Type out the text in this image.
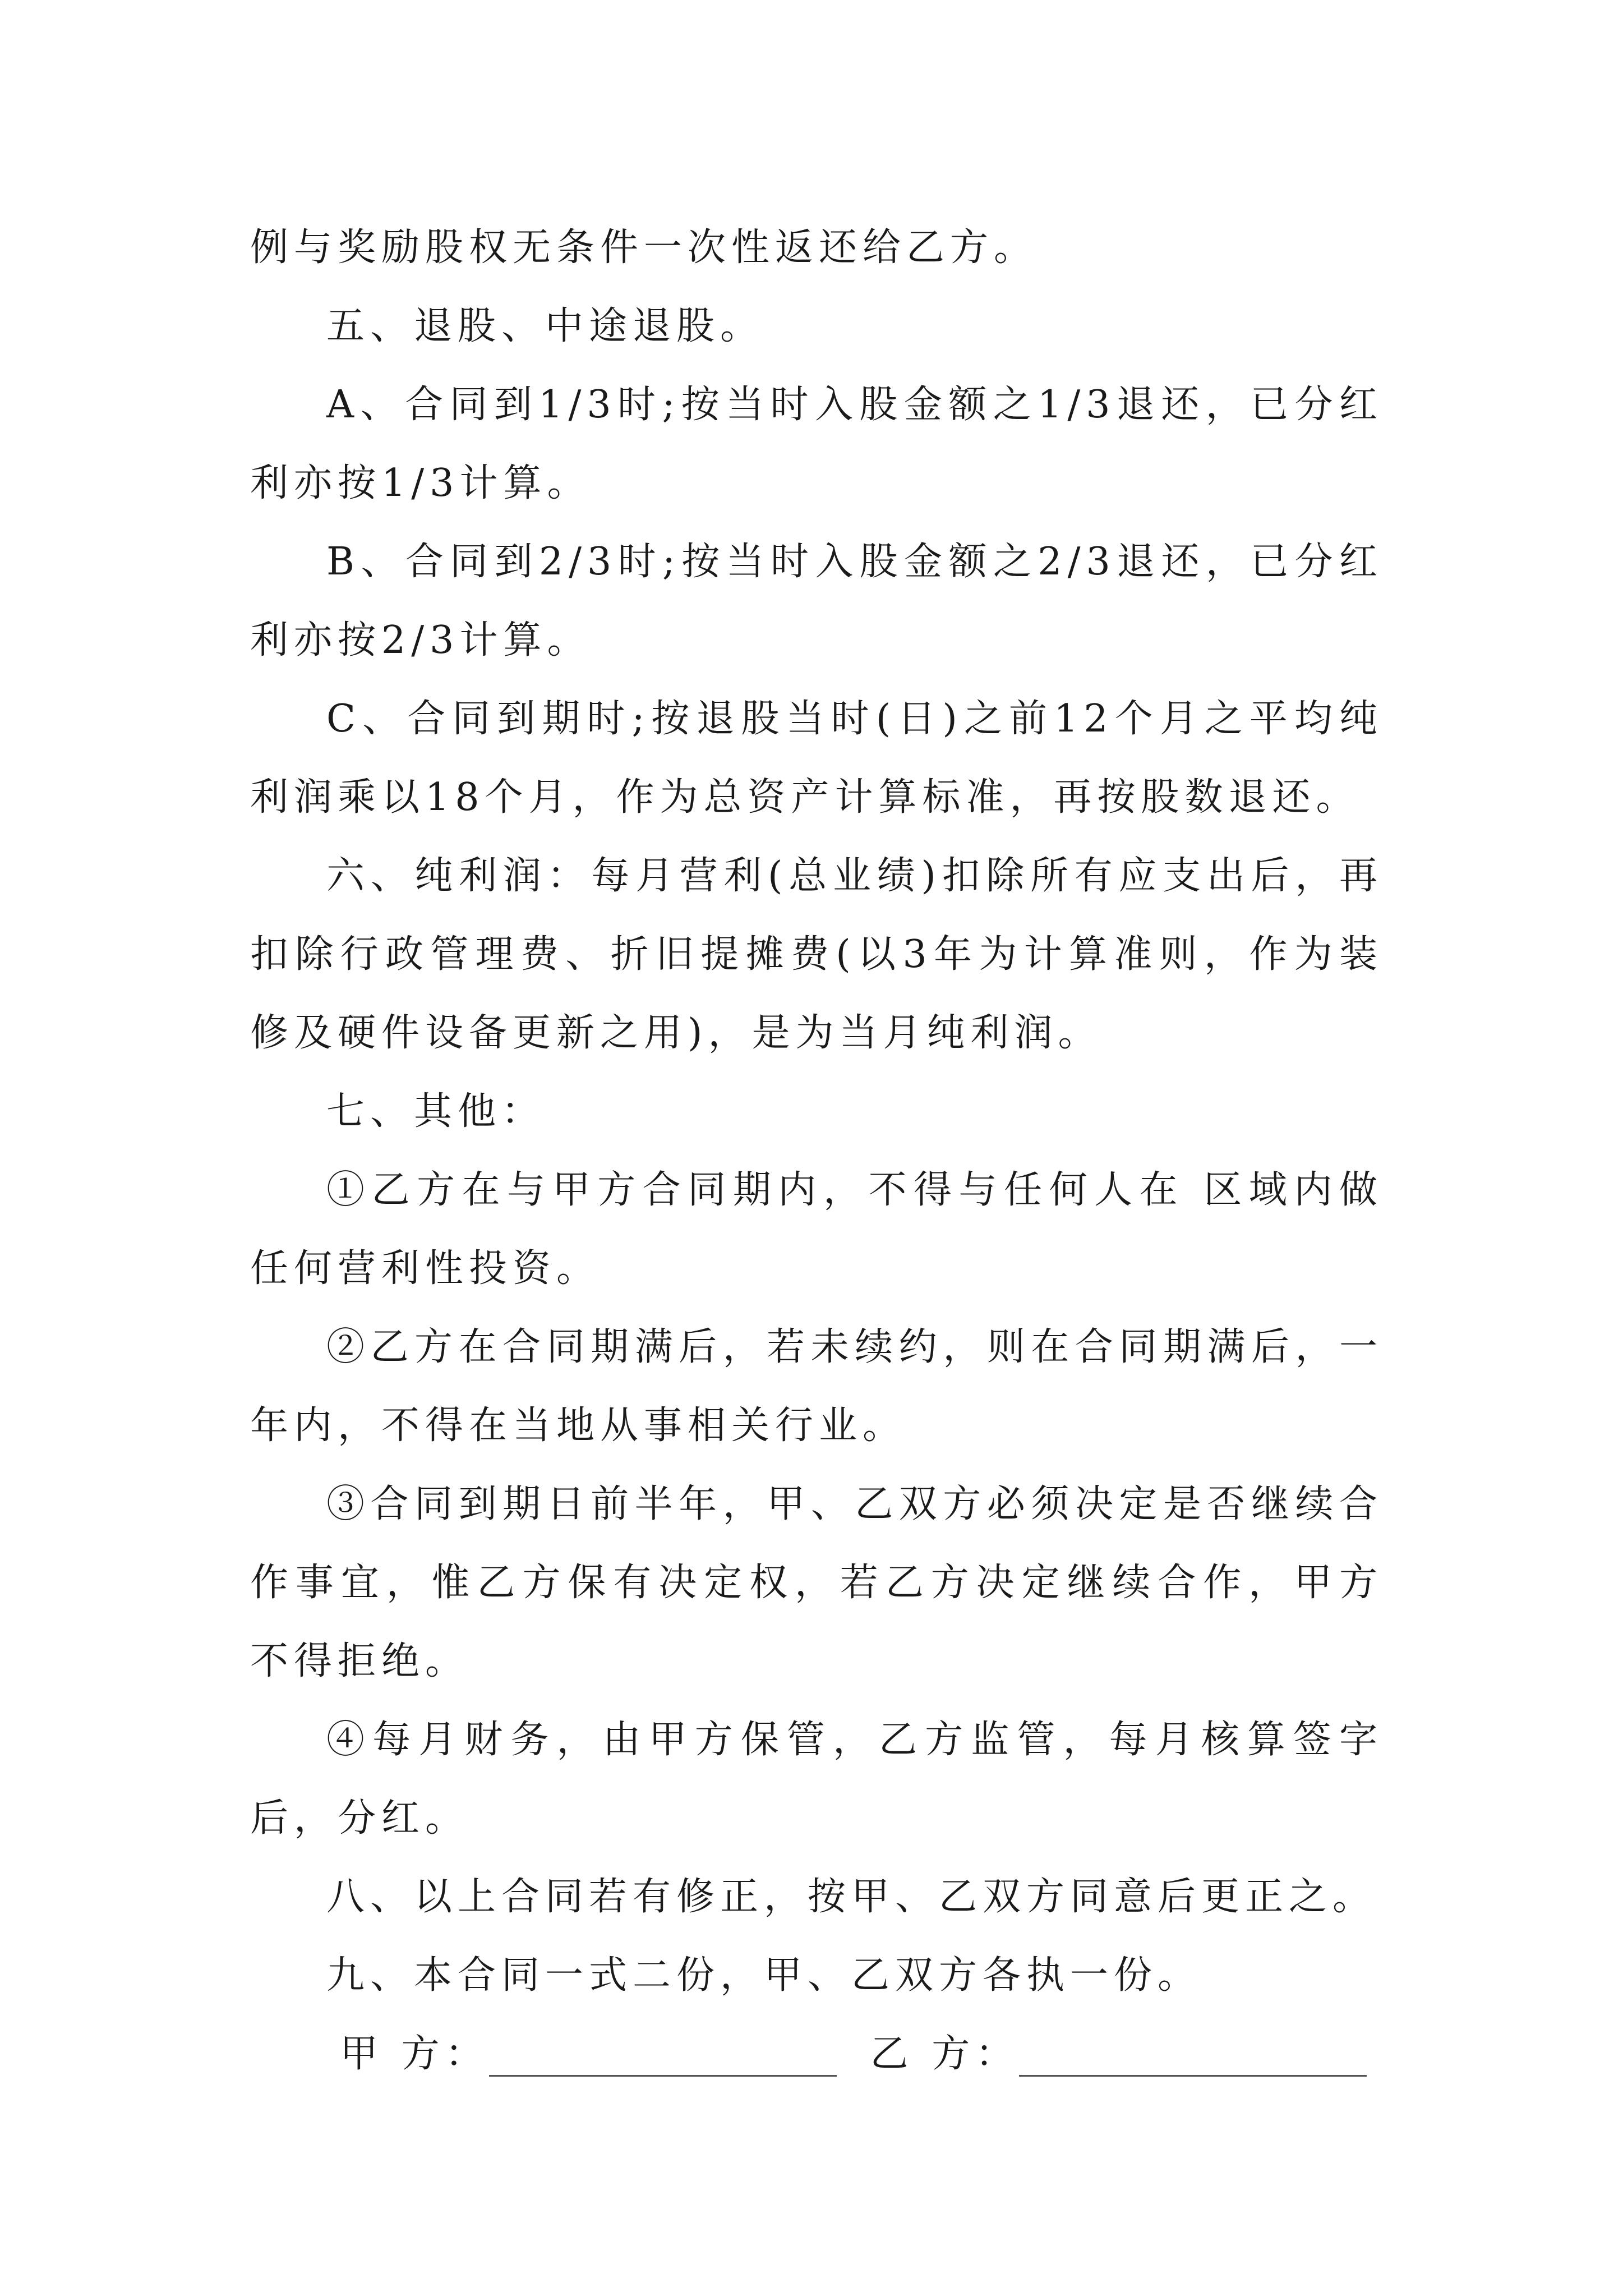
例与奖励股权无条件一次性返还给乙方。

五、退股、中途退股。

A、合同到1/3时;按当时入股金额之1/3退还，已分红利亦按1/3计算。

B、合同到2/3时;按当时入股金额之2/3退还，已分红利亦按2/3计算。

C、合同到期时;按退股当时(日)之前12个月之平均纯利润乘以18个月，作为总资产计算标准，再按股数退还。

六、纯利润：每月营利(总业绩)扣除所有应支出后，再扣除行政管理费、折旧提摊费(以3年为计算准则，作为装修及硬件设备更新之用)，是为当月纯利润。

七、其他：

①乙方在与甲方合同期内，不得与任何人在 区域内做任何营利性投资。

②乙方在合同期满后，若未续约，则在合同期满后，一年内，不得在当地从事相关行业。

③合同到期日前半年，甲、乙双方必须决定是否继续合作事宜，惟乙方保有决定权，若乙方决定继续合作，甲方不得拒绝。

④每月财务，由甲方保管，乙方监管，每月核算签字后，分红。

八、以上合同若有修正，按甲、乙双方同意后更正之。

九、本合同一式二份，甲、乙双方各执一份。

甲 方：	乙 方：
